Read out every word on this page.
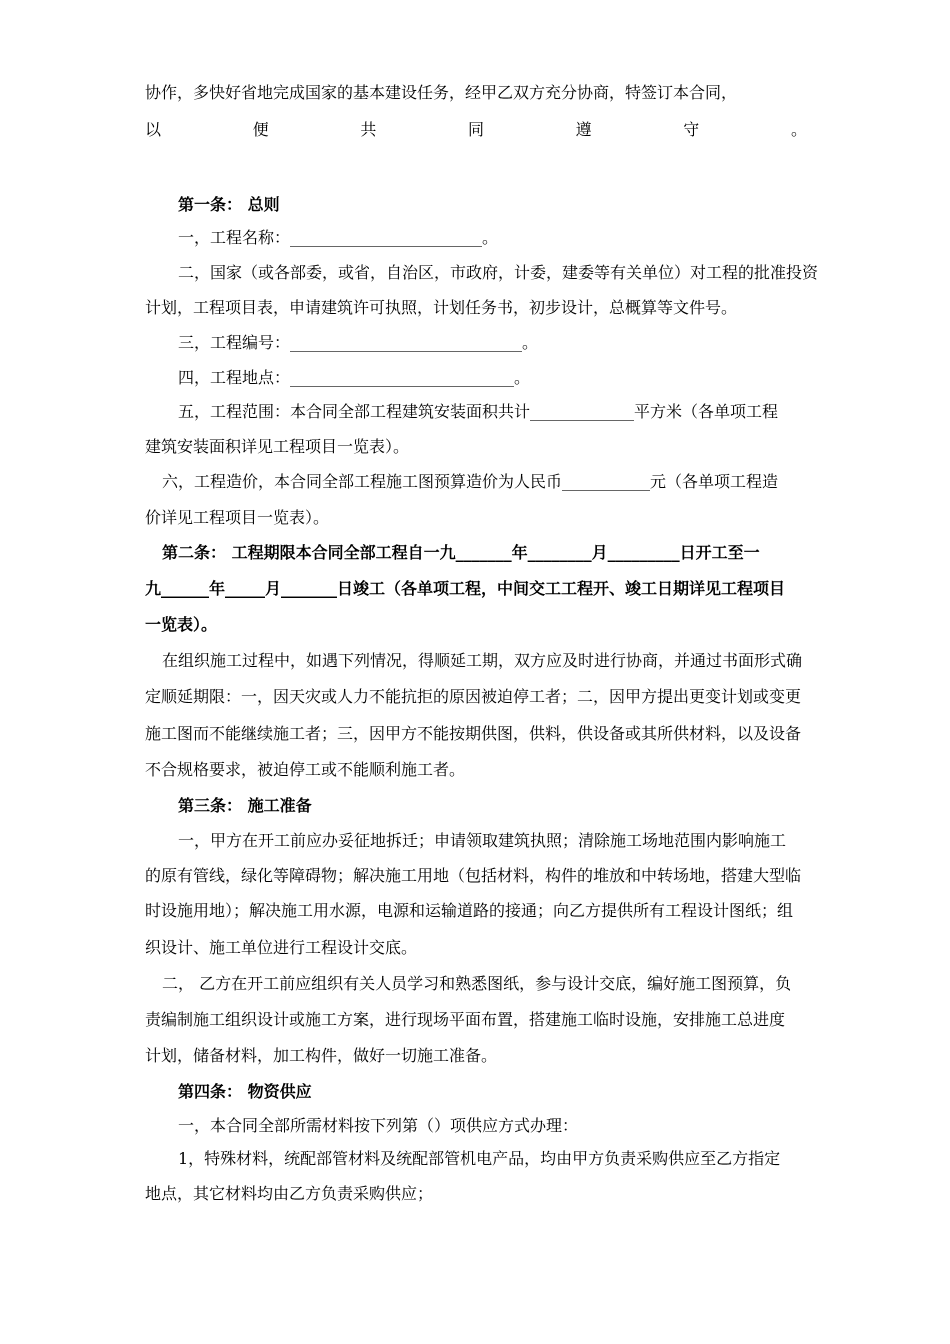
协作，多快好省地完成国家的基本建设任务，经甲乙双方充分协商，特签订本合同，
以	便	共	同	遵	守	。
第一条： 总则
一，工程名称：________________________。
二，国家（或各部委，或省，自治区，市政府，计委，建委等有关单位）对工程的批准投资
计划，工程项目表，申请建筑许可执照，计划任务书，初步设计，总概算等文件号。
三，工程编号：_____________________________。
四，工程地点：____________________________。
五，工程范围：本合同全部工程建筑安装面积共计_____________平方米（各单项工程
建筑安装面积详见工程项目一览表）。
六，工程造价，本合同全部工程施工图预算造价为人民币___________元（各单项工程造
价详见工程项目一览表）。
第二条： 工程期限本合同全部工程自一九_______年________月_________日开工至一
九______年_____月_______日竣工（各单项工程，中间交工工程开、竣工日期详见工程项目
一览表）。
在组织施工过程中，如遇下列情况，得顺延工期，双方应及时进行协商，并通过书面形式确
定顺延期限：一，因天灾或人力不能抗拒的原因被迫停工者；二，因甲方提出更变计划或变更
施工图而不能继续施工者；三，因甲方不能按期供图，供料，供设备或其所供材料，以及设备
不合规格要求，被迫停工或不能顺利施工者。
第三条： 施工准备
一，甲方在开工前应办妥征地拆迁；申请领取建筑执照；清除施工场地范围内影响施工
的原有管线，绿化等障碍物；解决施工用地（包括材料，构件的堆放和中转场地，搭建大型临
时设施用地）；解决施工用水源，电源和运输道路的接通；向乙方提供所有工程设计图纸；组
织设计、施工单位进行工程设计交底。
二， 乙方在开工前应组织有关人员学习和熟悉图纸，参与设计交底，编好施工图预算，负
责编制施工组织设计或施工方案，进行现场平面布置，搭建施工临时设施，安排施工总进度
计划，储备材料，加工构件，做好一切施工准备。
第四条： 物资供应
一，本合同全部所需材料按下列第（）项供应方式办理：
1，特殊材料，统配部管材料及统配部管机电产品，均由甲方负责采购供应至乙方指定
地点，其它材料均由乙方负责采购供应；
